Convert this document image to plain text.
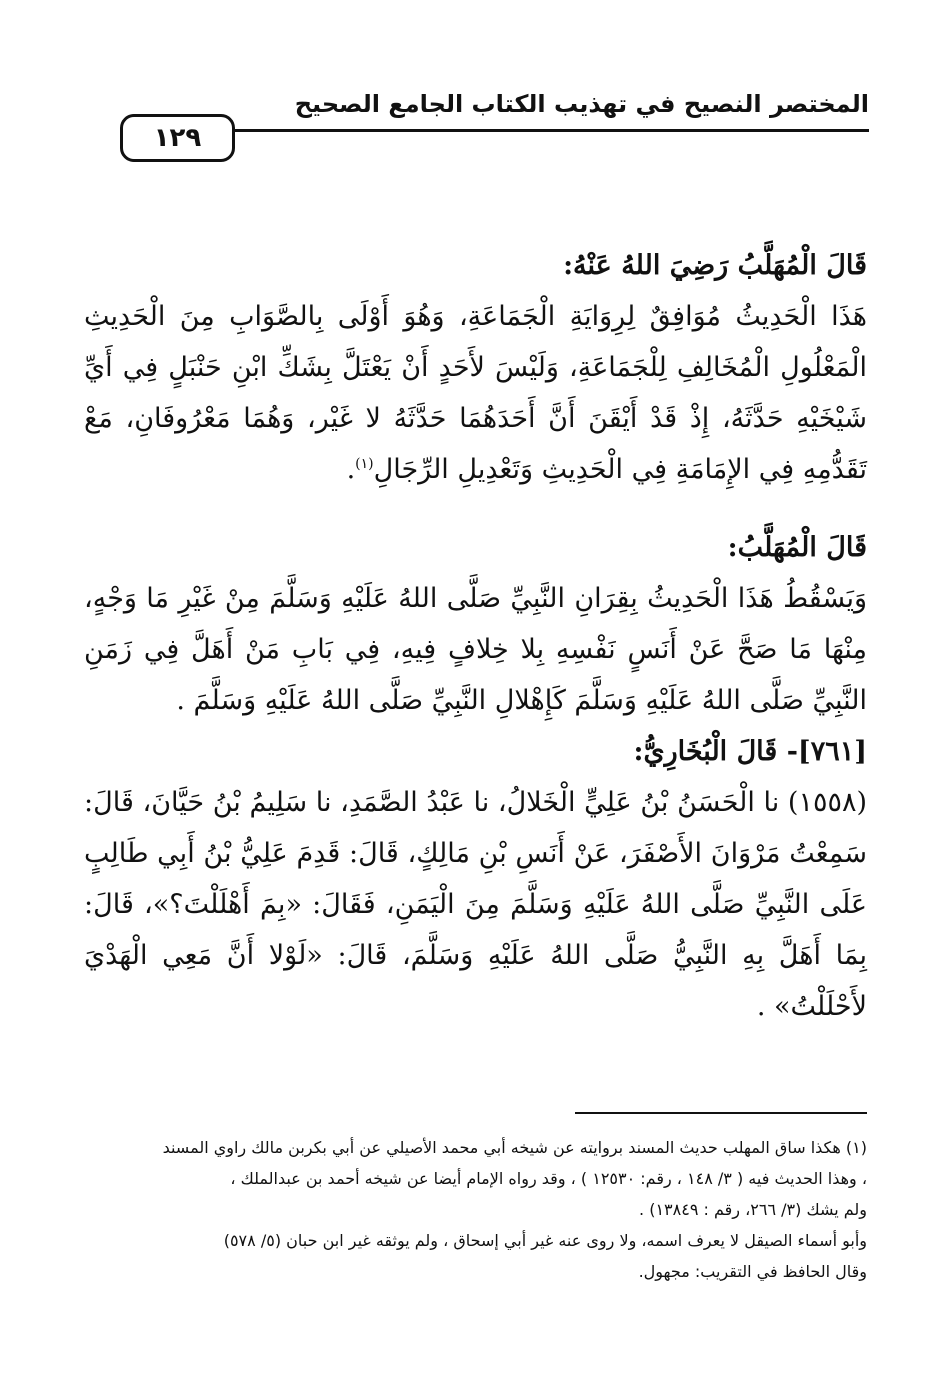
المختصر النصيح في تهذيب الكتاب الجامع الصحيح
١٢٩

قَالَ الْمُهَلَّبُ رَضِيَ اللهُ عَنْهُ:

هَذَا الْحَدِيثُ مُوَافِقٌ لِرِوَايَةِ الْجَمَاعَةِ، وَهُوَ أَوْلَى بِالصَّوَابِ مِنَ الْحَدِيثِ الْمَعْلُولِ الْمُخَالِفِ لِلْجَمَاعَةِ، وَلَيْسَ لأَحَدٍ أَنْ يَعْتَلَّ بِشَكِّ ابْنِ حَنْبَلٍ فِي أَيِّ شَيْخَيْهِ حَدَّثَهُ، إِذْ قَدْ أَيْقَنَ أَنَّ أَحَدَهُمَا حَدَّثَهُ لا غَيْر، وَهُمَا مَعْرُوفَانِ، مَعْ تَقَدُّمِهِ فِي الإِمَامَةِ فِي الْحَدِيثِ وَتَعْدِيلِ الرِّجَالِ$^{(١)}$.

قَالَ الْمُهَلَّبُ:

وَيَسْقُطُ هَذَا الْحَدِيثُ بِقِرَانِ النَّبِيِّ صَلَّى اللهُ عَلَيْهِ وَسَلَّمَ مِنْ غَيْرِ مَا وَجْهٍ، مِنْهَا مَا صَحَّ عَنْ أَنَسٍ نَفْسِهِ بِلا خِلافٍ فِيهِ، فِي بَابِ مَنْ أَهَلَّ فِي زَمَنِ النَّبِيِّ صَلَّى اللهُ عَلَيْهِ وَسَلَّمَ كَإِهْلالِ النَّبِيِّ صَلَّى اللهُ عَلَيْهِ وَسَلَّمَ .

[٧٦١]- قَالَ الْبُخَارِيُّ:

(١٥٥٨) نا الْحَسَنُ بْنُ عَلِيٍّ الْخَلالُ، نا عَبْدُ الصَّمَدِ، نا سَلِيمُ بْنُ حَيَّانَ، قَالَ: سَمِعْتُ مَرْوَانَ الأَصْفَرَ، عَنْ أَنَسِ بْنِ مَالِكٍ، قَالَ: قَدِمَ عَلِيُّ بْنُ أَبِي طَالِبٍ عَلَى النَّبِيِّ صَلَّى اللهُ عَلَيْهِ وَسَلَّمَ مِنَ الْيَمَنِ، فَقَالَ: «بِمَ أَهْلَلْتَ؟»، قَالَ: بِمَا أَهَلَّ بِهِ النَّبِيُّ صَلَّى اللهُ عَلَيْهِ وَسَلَّمَ، قَالَ: «لَوْلا أَنَّ مَعِي الْهَدْيَ لأَحْلَلْتُ» .

(١) هكذا ساق المهلب حديث المسند بروايته عن شيخه أبي محمد الأصيلي عن أبي بكربن مالك راوي المسند

، وهذا الحديث فيه ( ٣/ ١٤٨ ، رقم: ١٢٥٣٠ ) ، وقد رواه الإمام أيضا عن شيخه أحمد بن عبدالملك ،

ولم يشك (٣/ ٢٦٦، رقم : ١٣٨٤٩) .

وأبو أسماء الصيقل لا يعرف اسمه، ولا روى عنه غير أبي إسحاق ، ولم يوثقه غير ابن حبان (٥/ ٥٧٨)

وقال الحافظ في التقريب: مجهول.
